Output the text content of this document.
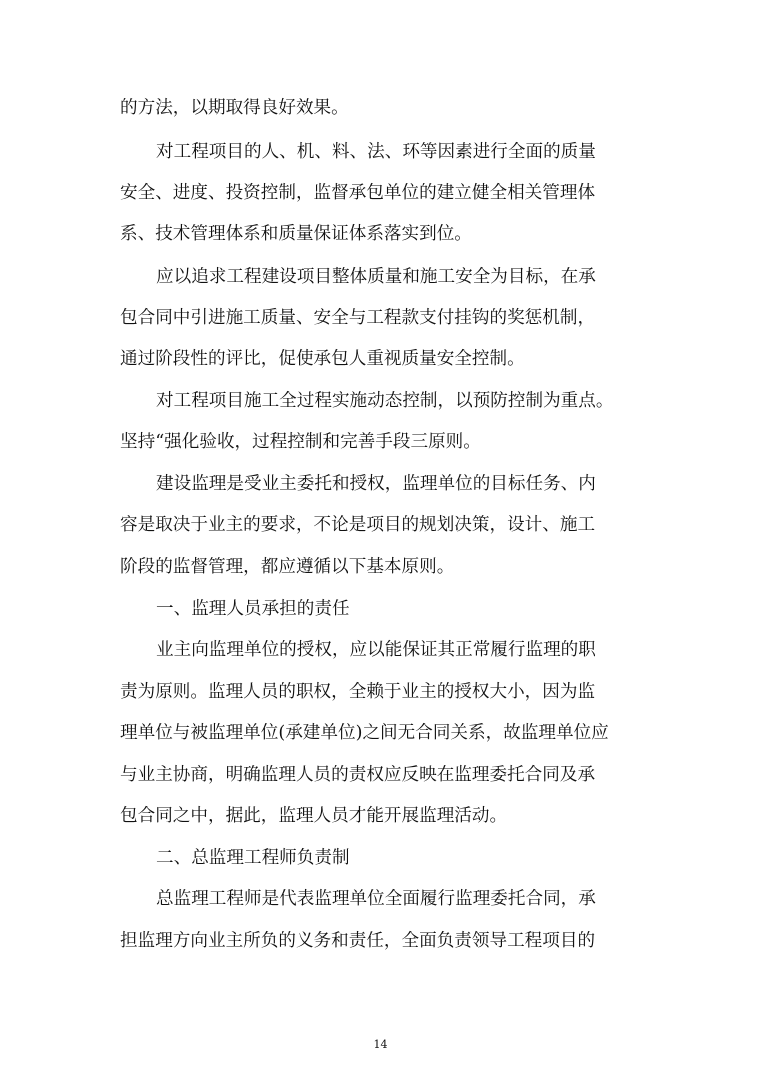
的方法，以期取得良好效果。
对工程项目的人、机、料、法、环等因素进行全面的质量
安全、进度、投资控制，监督承包单位的建立健全相关管理体
系、技术管理体系和质量保证体系落实到位。
应以追求工程建设项目整体质量和施工安全为目标，在承
包合同中引进施工质量、安全与工程款支付挂钩的奖惩机制，
通过阶段性的评比，促使承包人重视质量安全控制。
对工程项目施工全过程实施动态控制，以预防控制为重点。
坚持“强化验收，过程控制和完善手段三原则。
建设监理是受业主委托和授权，监理单位的目标任务、内
容是取决于业主的要求，不论是项目的规划决策，设计、施工
阶段的监督管理，都应遵循以下基本原则。
一、监理人员承担的责任
业主向监理单位的授权，应以能保证其正常履行监理的职
责为原则。监理人员的职权，全赖于业主的授权大小，因为监
理单位与被监理单位(承建单位)之间无合同关系，故监理单位应
与业主协商，明确监理人员的责权应反映在监理委托合同及承
包合同之中，据此，监理人员才能开展监理活动。
二、总监理工程师负责制
总监理工程师是代表监理单位全面履行监理委托合同，承
担监理方向业主所负的义务和责任，全面负责领导工程项目的
14
